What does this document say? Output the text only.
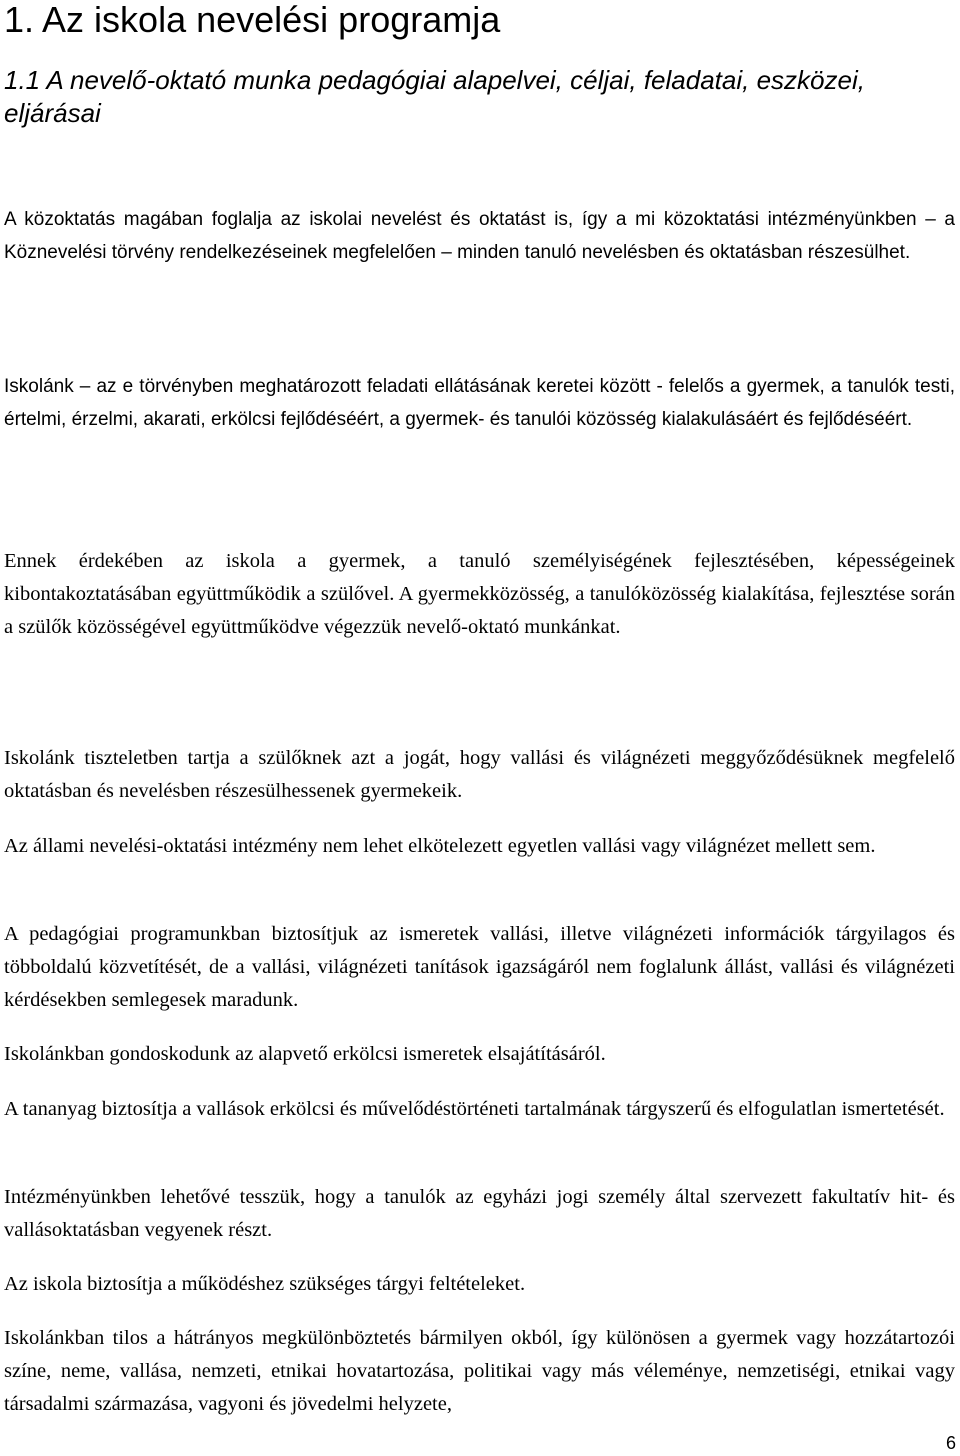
1. Az iskola nevelési programja
1.1 A nevelő-oktató munka pedagógiai alapelvei, céljai, feladatai, eszközei, eljárásai

A közoktatás magában foglalja az iskolai nevelést és oktatást is, így a mi közoktatási intézményünkben – a Köznevelési törvény rendelkezéseinek megfelelően – minden tanuló nevelésben és oktatásban részesülhet.

Iskolánk – az e törvényben meghatározott feladati ellátásának keretei között - felelős a gyermek, a tanulók testi, értelmi, érzelmi, akarati, erkölcsi fejlődéséért, a gyermek- és tanulói közösség kialakulásáért és fejlődéséért.

Ennek érdekében az iskola a gyermek, a tanuló személyiségének fejlesztésében, képességeinek kibontakoztatásában együttműködik a szülővel. A gyermekközösség, a tanulóközösség kialakítása, fejlesztése során a szülők közösségével együttműködve végezzük nevelő-oktató munkánkat.

Iskolánk tiszteletben tartja a szülőknek azt a jogát, hogy vallási és világnézeti meggyőződésüknek megfelelő oktatásban és nevelésben részesülhessenek gyermekeik.

Az állami nevelési-oktatási intézmény nem lehet elkötelezett egyetlen vallási vagy világnézet mellett sem.

A pedagógiai programunkban biztosítjuk az ismeretek vallási, illetve világnézeti információk tárgyilagos és többoldalú közvetítését, de a vallási, világnézeti tanítások igazságáról nem foglalunk állást, vallási és világnézeti kérdésekben semlegesek maradunk.

Iskolánkban gondoskodunk az alapvető erkölcsi ismeretek elsajátításáról.

A tananyag biztosítja a vallások erkölcsi és művelődéstörténeti tartalmának tárgyszerű és elfogulatlan ismertetését.

Intézményünkben lehetővé tesszük, hogy a tanulók az egyházi jogi személy által szervezett fakultatív hit- és vallásoktatásban vegyenek részt.

Az iskola biztosítja a működéshez szükséges tárgyi feltételeket.

Iskolánkban tilos a hátrányos megkülönböztetés bármilyen okból, így különösen a gyermek vagy hozzátartozói színe, neme, vallása, nemzeti, etnikai hovatartozása, politikai vagy más véleménye, nemzetiségi, etnikai vagy társadalmi származása, vagyoni és jövedelmi helyzete,

6
